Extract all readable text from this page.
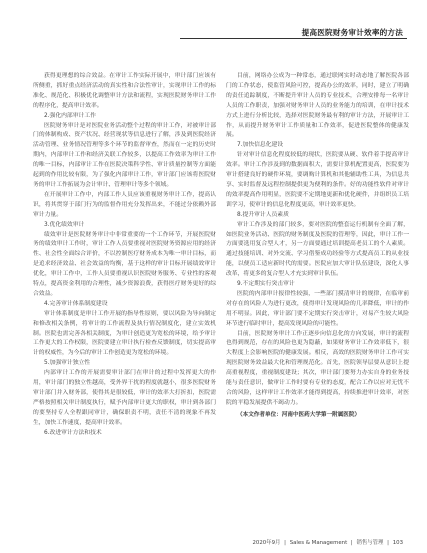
提高医院财务审计效率的方法

获得更理想的综合效益。在审计工作实际开展中，审计部门应该有所侧重，抓好重点经济活动的真实性和合法性审计，实现审计工作的标准化、规范化、积极优化调整审计方法和流程，实现医院财务审计工作的程序化，提高审计效率。

2.强化内部审计工作

医院财务审计是对医院业务活动整个过程的审计工作，对被审计部门的体制构成、资产状况、经营现状等信息进行了解，涉及到医院经济活动管理、业务情况管理等多个环节的监督审查，然而在一定的历史时期内，内部审计工作和经济关联工作较多，以提高工作效率为审计工作的唯一目标，内部审计工作在医院决策科学性、审计质量控制等方面能起到的作用比较有限，为了强化内部审计工作，审计部门应该将医院财务的审计工作拓展为会计审计、管理审计等多个领域。

在开展审计工作中，内部工作人员应该重视财务审计工作，提高认识，将其贯穿于部门行为的监督作用充分发挥出来，不能过分依赖外部审计力量。

3.优化绩效审计

绩效审计是医院财务审计中非常重要的一个工作环节，开展医院财务的绩效审计工作时，审计工作人员要重视对医院财务资源应用的经济性、社会性全面综合评价，不以控制医疗财务成本为唯一审计目标，而是追求经济效益、社会效益的均衡，基于这样的审计目标开展绩效审计优化，审计工作中，工作人员要重视认识医院财务服务、专业性的客观特点，提高资金利用的合理性，减少资源浪费，获得医疗财务更好的综合效益。

4.完善审计体系制度建设

审计体系制度是审计工作开展的指导性原则，要以风险为导向制定和修改相关条例，将审计的工作流程及执行情况制度化，建立实效机制。医院也需完善各相关制度，为审计创造更为宽松的环境，给予审计工作更大的工作权限，医院要建立审计执行检查反馈制度，切实提高审计的权威性，为今后的审计工作创造更为宽松的环境。

5.加强审计独立性

内部审计工作的开展需要审计部门在审计的过程中发挥更大的作用，审计部门的独立性越高，受外界干扰的程度就越小，很多医院财务审计部门并入财务部，使得其是很较低，审计的效率大打折扣，医院需严格按照相关审计制度执行，赋予内部审计更大的职权，审计到各部门的要坚持专人全程跟同审计，确保职责不明，责任不清的现象不再发生，加快工作速度，提高审计效率。

6.改进审计方法和技术

目前，网络办公成为一种常态，通过联网实时动态地了解医院各部门的工作状态，使监管风险可控，提高办公的效率，同时，建立了明确的责任追踪制度，不断提升审计人员的专业技术，合理安排每一名审计人员的工作职责，加强对财务审计人员的业务能力的培训，在审计技术方式上进行分析比较，选择对医院财务最有利的审计方法，开展审计工作，从而提升财务审计工作质量和工作效率，促进医院整体的健康发展。

7.加快信息化建设

针对审计信息化程度较低的现状，医院要从硬、软件着手提高审计效率。审计工作涉及到的数据面积大，需要计算机配置更高，医院要为审计搭建良好的硬件环境，要调购计算机和其他辅助性工具，为信息共享、实时监督及远程控制提供更为便利的条件。好的功能性软件对审计的效率提高作用明显，医院要不定期地更新和优化硬件，并组织员工培训学习，使审计的信息化程度更高，审计效率更快。

8.提升审计人员素质

审计工作涉及的部门较多，要对医院的整套运行机制有全面了解，如医院业务活动、医院的财务制度及医院的管理等，因此，审计工作一方面要选用复合型人才，另一方面要通过培训提高老员工的个人素质。通过技能培训、对外交流、学习借鉴成功经验等方式提高员工的从业技能，以便员工适应新时代的需要。医院应加大审计队伍建设，深化人事改革，将更多的复合型人才充实到审计队伍。

9.不定期实行突击审计

医院的内部审计报律性较强，一些部门摸清审计的规律，在临审前对存在的风险人为进行更改，使得审计发现风险的几率降低，审计的作用不明显。因此，审计部门要不定期实行突击审计，对易产生较大风险环节进行临时审计，提高发现风险的可能性。

目前，医院财务审计工作正逐步向信息化的方向发展，审计的流程也得到规范，存在的风险也更为隐蔽，如果财务审计工作效率低下，很大程度上会影响医院的健康发展。相反，高效的医院财务审计工作可实现医院财务效益最大化和管理规范化。首先，医院领导层要从意识上提高重视程度，重视制度建设；其次，审计部门要努力办实自身的业务技能与责任意识，做审计工作时要有专业的态度，配合工作以应对无忧不合的风险，这样审计工作效率才能得到提高，持续推进审计效率，对医院的平稳发展提供不竭动力。

（本文作者单位：河南中医药大学第一附属医院）

2020年9月 | Sales & Management | 销售与管理 | 103
